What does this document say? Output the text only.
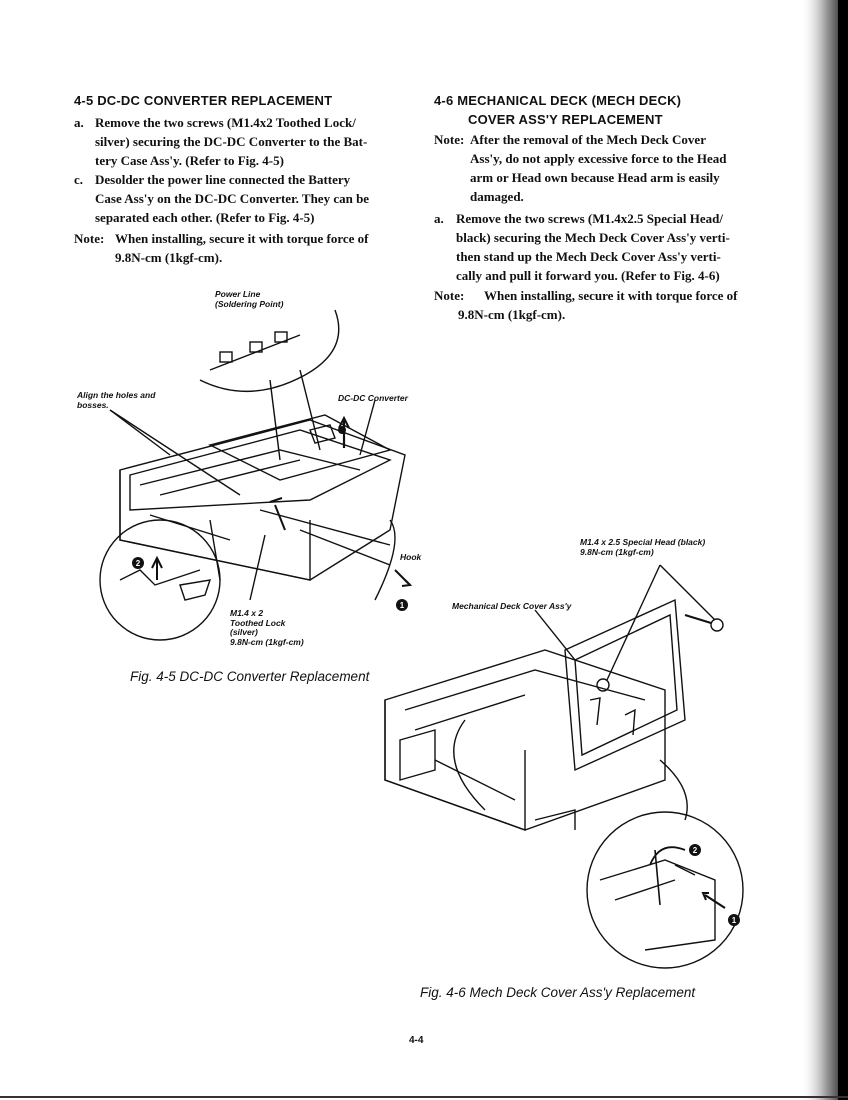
4-5 DC-DC CONVERTER REPLACEMENT
a. Remove the two screws (M1.4x2 Toothed Lock/
silver) securing the DC-DC Converter to the Bat-
tery Case Ass'y. (Refer to Fig. 4-5)
c. Desolder the power line connected the Battery
Case Ass'y on the DC-DC Converter. They can be
separated each other. (Refer to Fig. 4-5)
Note: When installing, secure it with torque force of
9.8N-cm (1kgf-cm).
4-6 MECHANICAL DECK (MECH DECK)
COVER ASS'Y REPLACEMENT
Note: After the removal of the Mech Deck Cover
Ass'y, do not apply excessive force to the Head
arm or Head own because Head arm is easily
damaged.
a. Remove the two screws (M1.4x2.5 Special Head/
black) securing the Mech Deck Cover Ass'y verti-
then stand up the Mech Deck Cover Ass'y verti-
cally and pull it forward you. (Refer to Fig. 4-6)
Note: When installing, secure it with torque force of
9.8N-cm (1kgf-cm).
1
2
Power Line
(Soldering Point)
Align the holes and
bosses.
DC-DC Converter
Hook
M1.4 x 2
Toothed Lock
(silver)
9.8N-cm (1kgf-cm)
Fig. 4-5 DC-DC Converter Replacement
2
1
M1.4 x 2.5 Special Head (black)
9.8N-cm (1kgf-cm)
Mechanical Deck Cover Ass'y
Fig. 4-6 Mech Deck Cover Ass'y Replacement
4-4
